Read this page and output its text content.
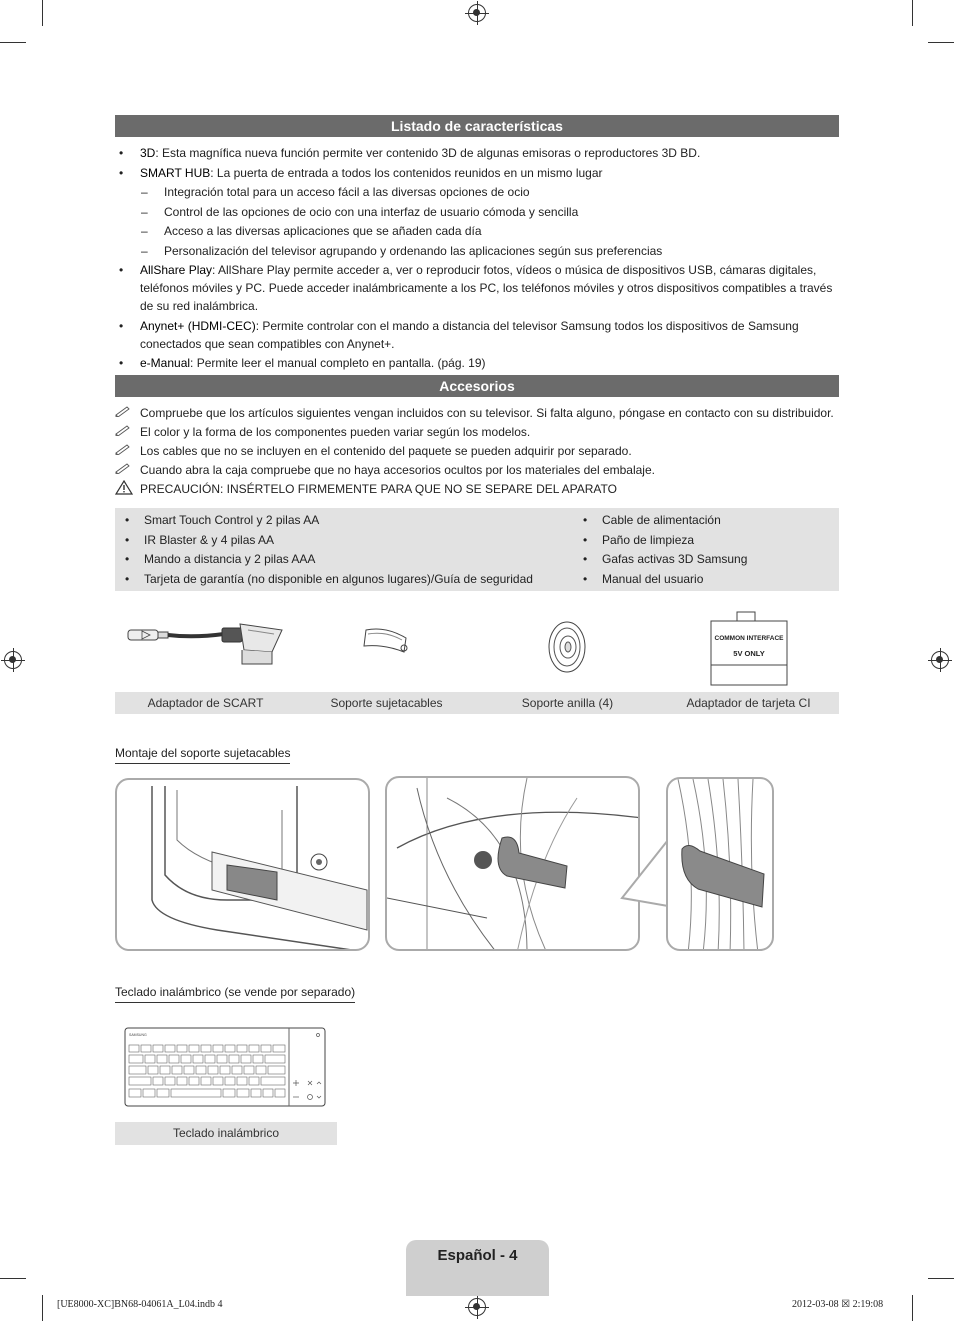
Listado de características
• 3D: Esta magnífica nueva función permite ver contenido 3D de algunas emisoras o reproductores 3D BD.
• SMART HUB: La puerta de entrada a todos los contenidos reunidos en un mismo lugar
– Integración total para un acceso fácil a las diversas opciones de ocio
– Control de las opciones de ocio con una interfaz de usuario cómoda y sencilla
– Acceso a las diversas aplicaciones que se añaden cada día
– Personalización del televisor agrupando y ordenando las aplicaciones según sus preferencias
• AllShare Play: AllShare Play permite acceder a, ver o reproducir fotos, vídeos o música de dispositivos USB, cámaras digitales, teléfonos móviles y PC. Puede acceder inalámbricamente a los PC, los teléfonos móviles y otros dispositivos compatibles a través de su red inalámbrica.
• Anynet+ (HDMI-CEC): Permite controlar con el mando a distancia del televisor Samsung todos los dispositivos de Samsung conectados que sean compatibles con Anynet+.
• e-Manual: Permite leer el manual completo en pantalla. (pág. 19)
Accesorios
Compruebe que los artículos siguientes vengan incluidos con su televisor. Si falta alguno, póngase en contacto con su distribuidor.
El color y la forma de los componentes pueden variar según los modelos.
Los cables que no se incluyen en el contenido del paquete se pueden adquirir por separado.
Cuando abra la caja compruebe que no haya accesorios ocultos por los materiales del embalaje.
PRECAUCIÓN: INSÉRTELO FIRMEMENTE PARA QUE NO SE SEPARE DEL APARATO
• Smart Touch Control y 2 pilas AA
• IR Blaster & y 4 pilas AA
• Mando a distancia y 2 pilas AAA
• Tarjeta de garantía (no disponible en algunos lugares)/Guía de seguridad
• Cable de alimentación
• Paño de limpieza
• Gafas activas 3D Samsung
• Manual del usuario
COMMON INTERFACE
5V ONLY
Adaptador de SCART	Soporte sujetacables	Soporte anilla (4)	Adaptador de tarjeta CI
Montaje del soporte sujetacables
Teclado inalámbrico (se vende por separado)
SAMSUNG
Teclado inalámbrico
Español - 4
[UE8000-XC]BN68-04061A_L04.indb 4	2012-03-08 ☒ 2:19:08
